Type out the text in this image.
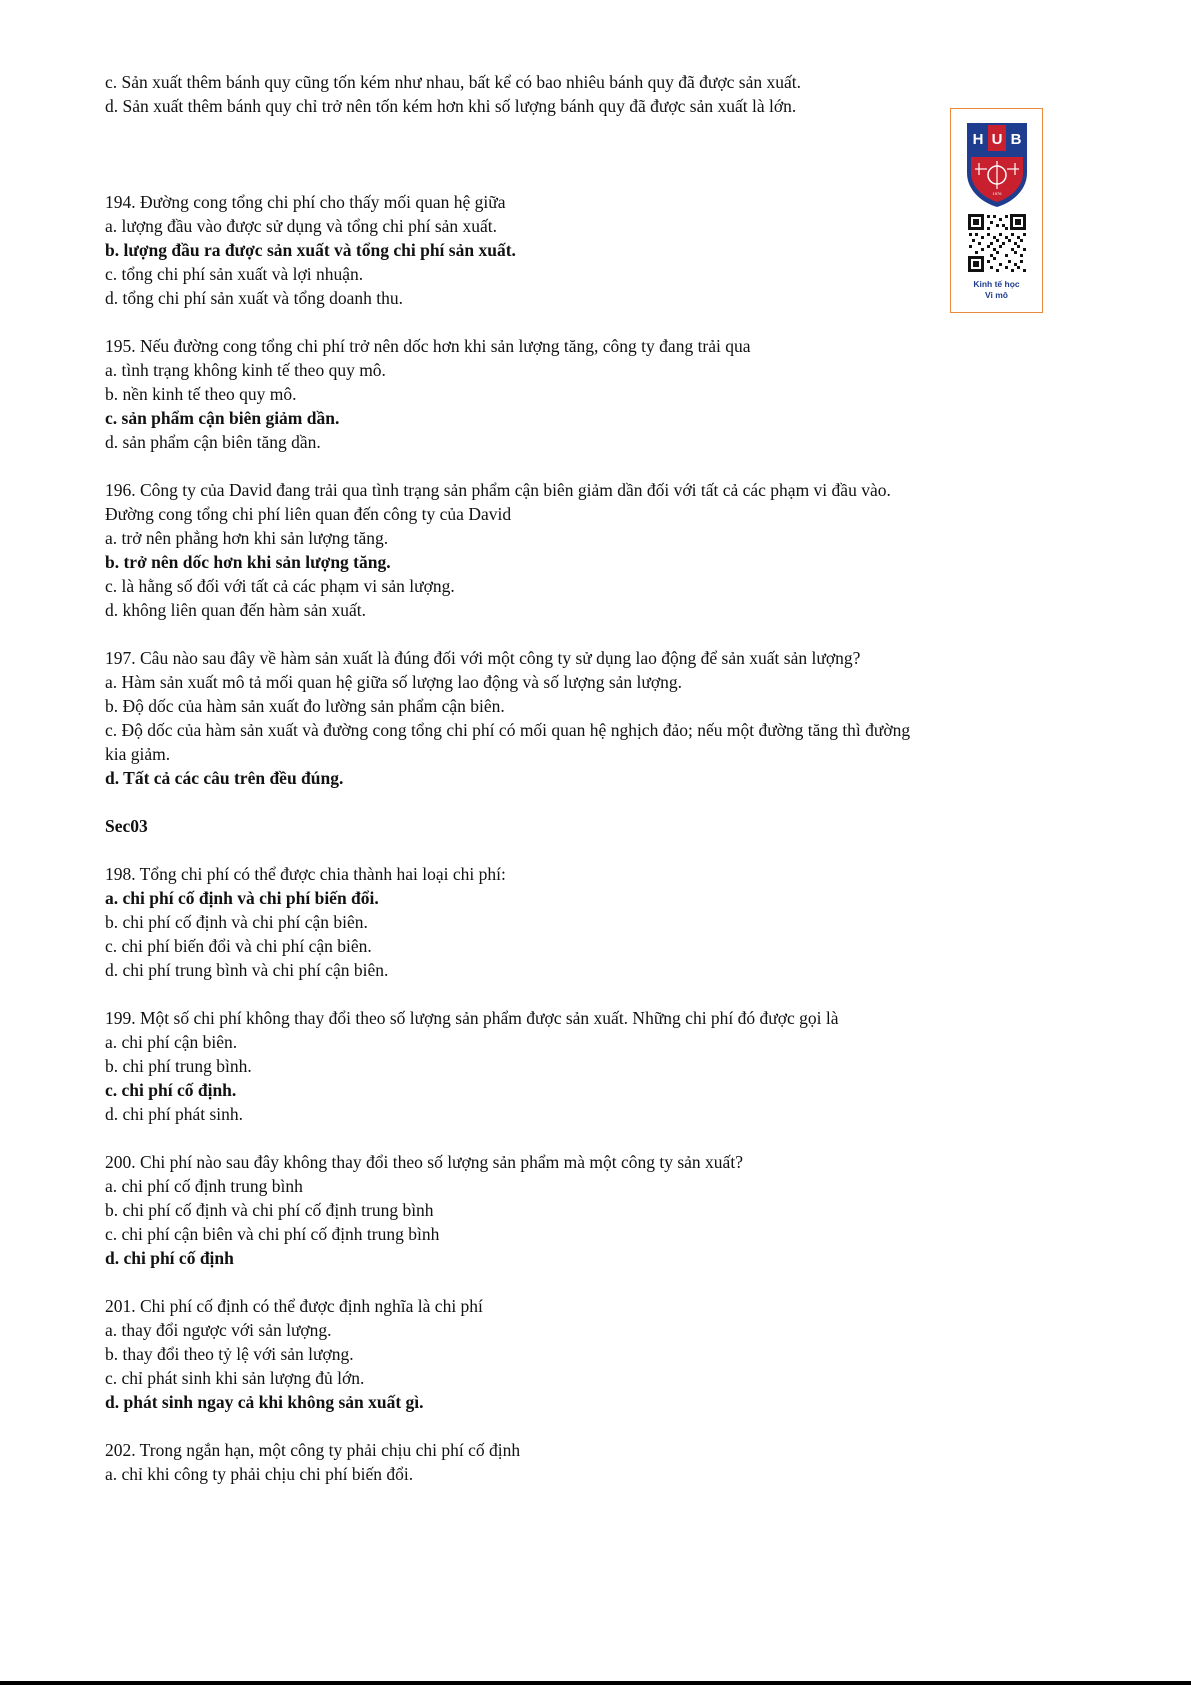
c. Sản xuất thêm bánh quy cũng tốn kém như nhau, bất kể có bao nhiêu bánh quy đã được sản xuất.
d. Sản xuất thêm bánh quy chỉ trở nên tốn kém hơn khi số lượng bánh quy đã được sản xuất là lớn.
194. Đường cong tổng chi phí cho thấy mối quan hệ giữa
a. lượng đầu vào được sử dụng và tổng chi phí sản xuất.
b. lượng đầu ra được sản xuất và tổng chi phí sản xuất.
c. tổng chi phí sản xuất và lợi nhuận.
d. tổng chi phí sản xuất và tổng doanh thu.
195. Nếu đường cong tổng chi phí trở nên dốc hơn khi sản lượng tăng, công ty đang trải qua
a. tình trạng không kinh tế theo quy mô.
b. nền kinh tế theo quy mô.
c. sản phẩm cận biên giảm dần.
d. sản phẩm cận biên tăng dần.
196. Công ty của David đang trải qua tình trạng sản phẩm cận biên giảm dần đối với tất cả các phạm vi đầu vào.
Đường cong tổng chi phí liên quan đến công ty của David
a. trở nên phẳng hơn khi sản lượng tăng.
b. trở nên dốc hơn khi sản lượng tăng.
c. là hằng số đối với tất cả các phạm vi sản lượng.
d. không liên quan đến hàm sản xuất.
197. Câu nào sau đây về hàm sản xuất là đúng đối với một công ty sử dụng lao động để sản xuất sản lượng?
a. Hàm sản xuất mô tả mối quan hệ giữa số lượng lao động và số lượng sản lượng.
b. Độ dốc của hàm sản xuất đo lường sản phẩm cận biên.
c. Độ dốc của hàm sản xuất và đường cong tổng chi phí có mối quan hệ nghịch đảo; nếu một đường tăng thì đường
kia giảm.
d. Tất cả các câu trên đều đúng.
Sec03
198. Tổng chi phí có thể được chia thành hai loại chi phí:
a. chi phí cố định và chi phí biến đổi.
b. chi phí cố định và chi phí cận biên.
c. chi phí biến đổi và chi phí cận biên.
d. chi phí trung bình và chi phí cận biên.
199. Một số chi phí không thay đổi theo số lượng sản phẩm được sản xuất. Những chi phí đó được gọi là
a. chi phí cận biên.
b. chi phí trung bình.
c. chi phí cố định.
d. chi phí phát sinh.
200. Chi phí nào sau đây không thay đổi theo số lượng sản phẩm mà một công ty sản xuất?
a. chi phí cố định trung bình
b. chi phí cố định và chi phí cố định trung bình
c. chi phí cận biên và chi phí cố định trung bình
d. chi phí cố định
201. Chi phí cố định có thể được định nghĩa là chi phí
a. thay đổi ngược với sản lượng.
b. thay đổi theo tỷ lệ với sản lượng.
c. chỉ phát sinh khi sản lượng đủ lớn.
d. phát sinh ngay cả khi không sản xuất gì.
202. Trong ngắn hạn, một công ty phải chịu chi phí cố định
a. chỉ khi công ty phải chịu chi phí biến đổi.
1976
H U B
Kinh tế học
Vi mô
